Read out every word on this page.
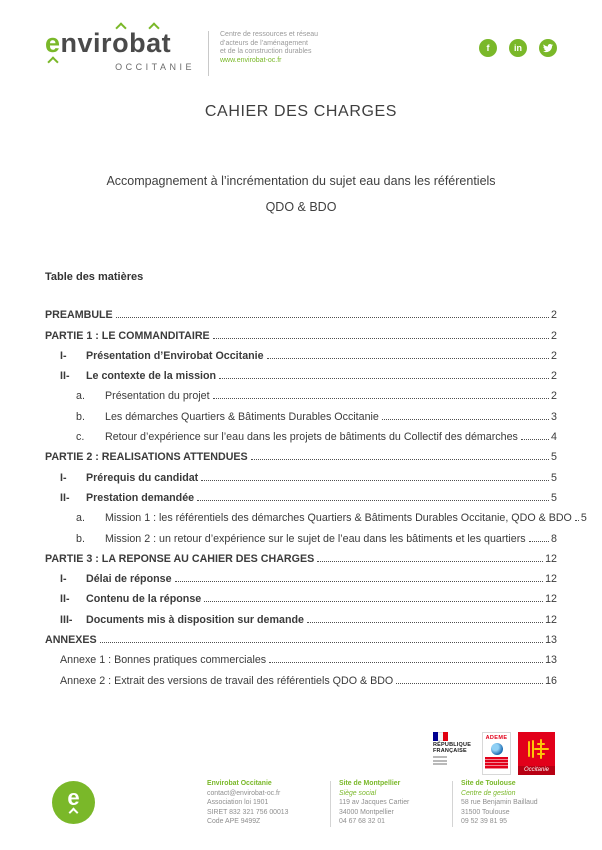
envirobat
OCCITANIE
Centre de ressources et réseau
d’acteurs de l’aménagement
et de la construction durables
www.envirobat-oc.fr
f	in
CAHIER DES CHARGES
Accompagnement à l’incrémentation du sujet eau dans les référentiels
QDO & BDO
Table des matières
PREAMBULE	2
PARTIE 1 : LE COMMANDITAIRE	2
I-	Présentation d’Envirobat Occitanie	2
II-	Le contexte de la mission	2
a.	Présentation du projet	2
b.	Les démarches Quartiers & Bâtiments Durables Occitanie	3
c.	Retour d’expérience sur l’eau dans les projets de bâtiments du Collectif des démarches	4
PARTIE 2 : REALISATIONS ATTENDUES	5
I-	Prérequis du candidat	5
II-	Prestation demandée	5
a.	Mission 1 : les référentiels des démarches Quartiers & Bâtiments Durables Occitanie, QDO & BDO 5
b.	Mission 2 : un retour d’expérience sur le sujet de l’eau dans les bâtiments et les quartiers 8
PARTIE 3 : LA REPONSE AU CAHIER DES CHARGES	12
I-	Délai de réponse	12
II-	Contenu de la réponse	12
III-	Documents mis à disposition sur demande	12
ANNEXES	13
Annexe 1 : Bonnes pratiques commerciales	13
Annexe 2 : Extrait des versions de travail des référentiels QDO & BDO	16
RÉPUBLIQUE
FRANÇAISE
ADEME
Occitanie
e
Envirobat Occitanie
contact@envirobat-oc.fr
Association loi 1901
SIRET 832 321 756 00013
Code APE 9499Z
Site de Montpellier
Siège social
119 av Jacques Cartier
34000 Montpellier
04 67 68 32 01
Site de Toulouse
Centre de gestion
58 rue Benjamin Baillaud
31500 Toulouse
09 52 39 81 95
